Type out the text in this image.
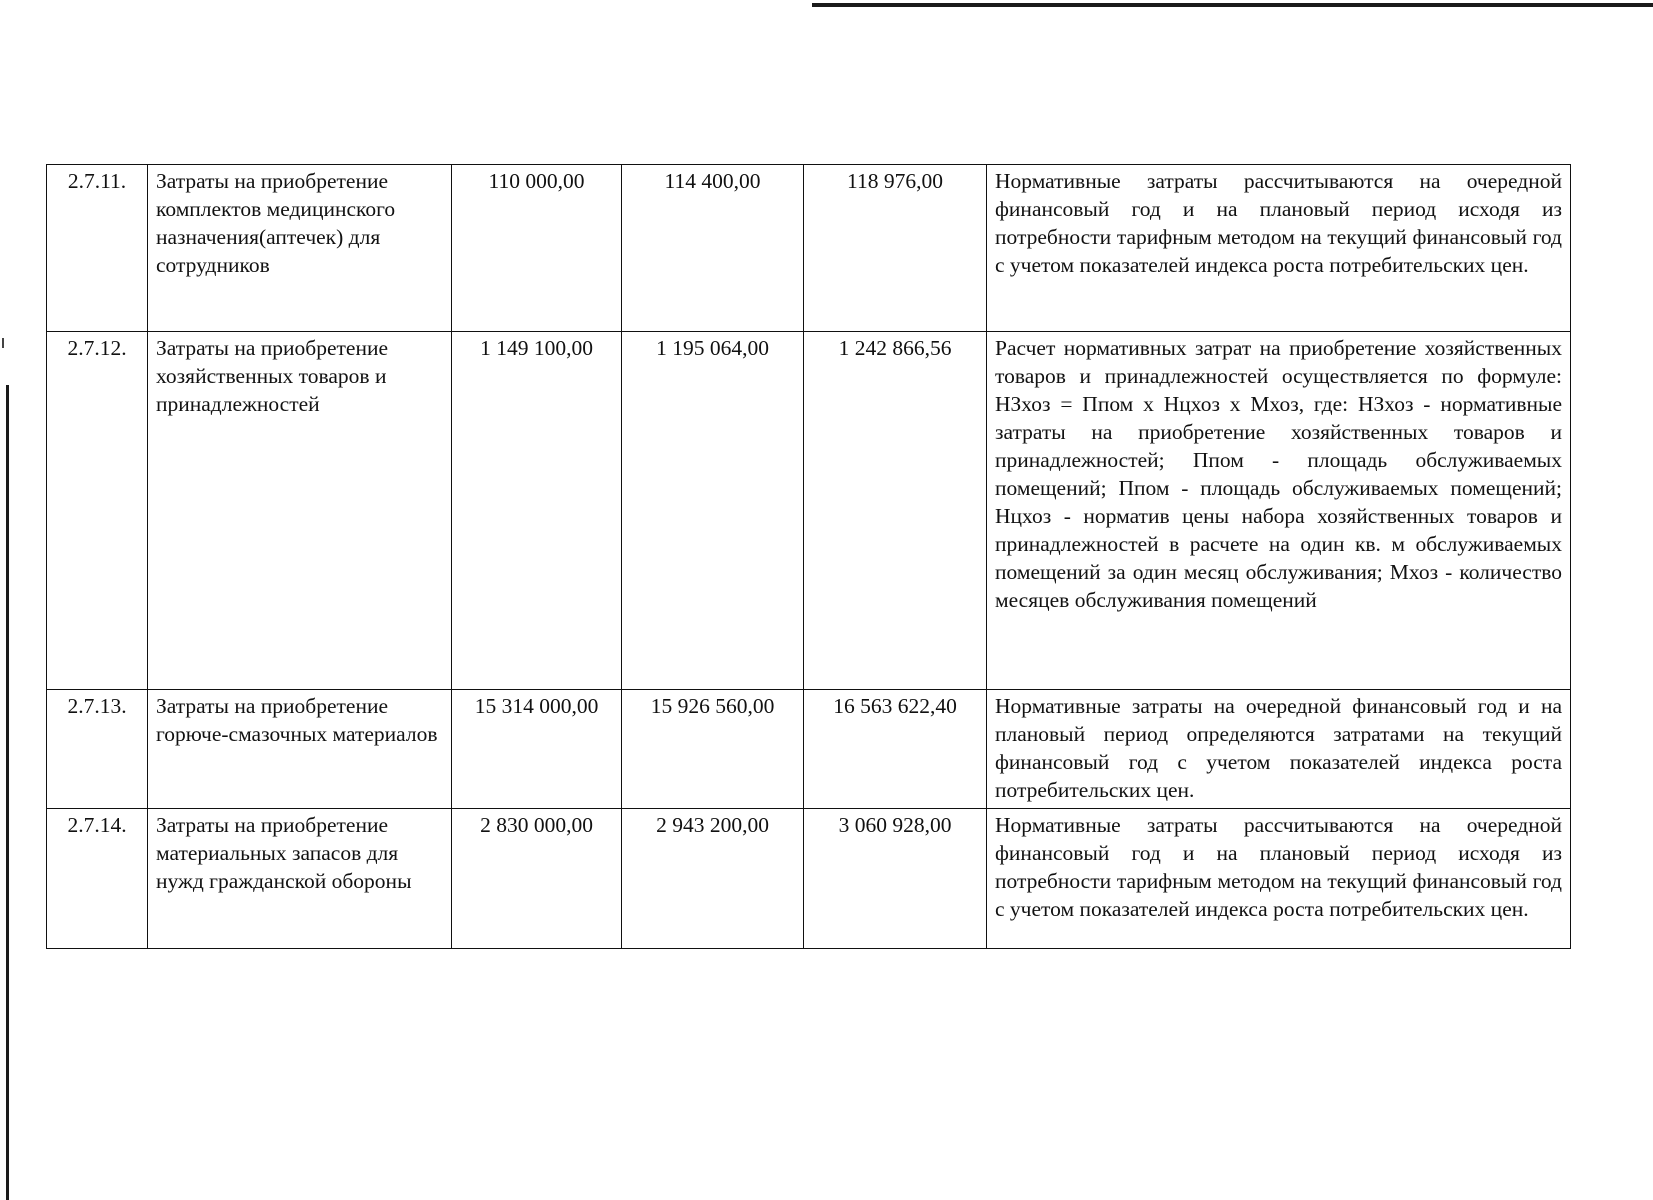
2.7.11.	Затраты на приобретение комплектов медицинского назначения(аптечек) для сотрудников	110 000,00	114 400,00	118 976,00	Нормативные затраты рассчитываются на очередной финансовый год и на плановый период исходя из потребности тарифным методом на текущий финансовый год с учетом показателей индекса роста потребительских цен.
2.7.12.	Затраты на приобретение хозяйственных товаров и принадлежностей	1 149 100,00	1 195 064,00	1 242 866,56	Расчет нормативных затрат на приобретение хозяйственных товаров и принадлежностей осуществляется по формуле: НЗхоз = Ппом х Нцхоз х Мхоз, где: НЗхоз - нормативные затраты на приобретение хозяйственных товаров и принадлежностей; Ппом - площадь обслуживаемых помещений; Ппом - площадь обслуживаемых помещений; Нцхоз - норматив цены набора хозяйственных товаров и принадлежностей в расчете на один кв. м обслуживаемых помещений за один месяц обслуживания; Мхоз - количество месяцев обслуживания помещений
2.7.13.	Затраты на приобретение горюче-смазочных материалов	15 314 000,00	15 926 560,00	16 563 622,40	Нормативные затраты на очередной финансовый год и на плановый период определяются затратами на текущий финансовый год с учетом показателей индекса роста потребительских цен.
2.7.14.	Затраты на приобретение материальных запасов для нужд гражданской обороны	2 830 000,00	2 943 200,00	3 060 928,00	Нормативные затраты рассчитываются на очередной финансовый год и на плановый период исходя из потребности тарифным методом на текущий финансовый год с учетом показателей индекса роста потребительских цен.
